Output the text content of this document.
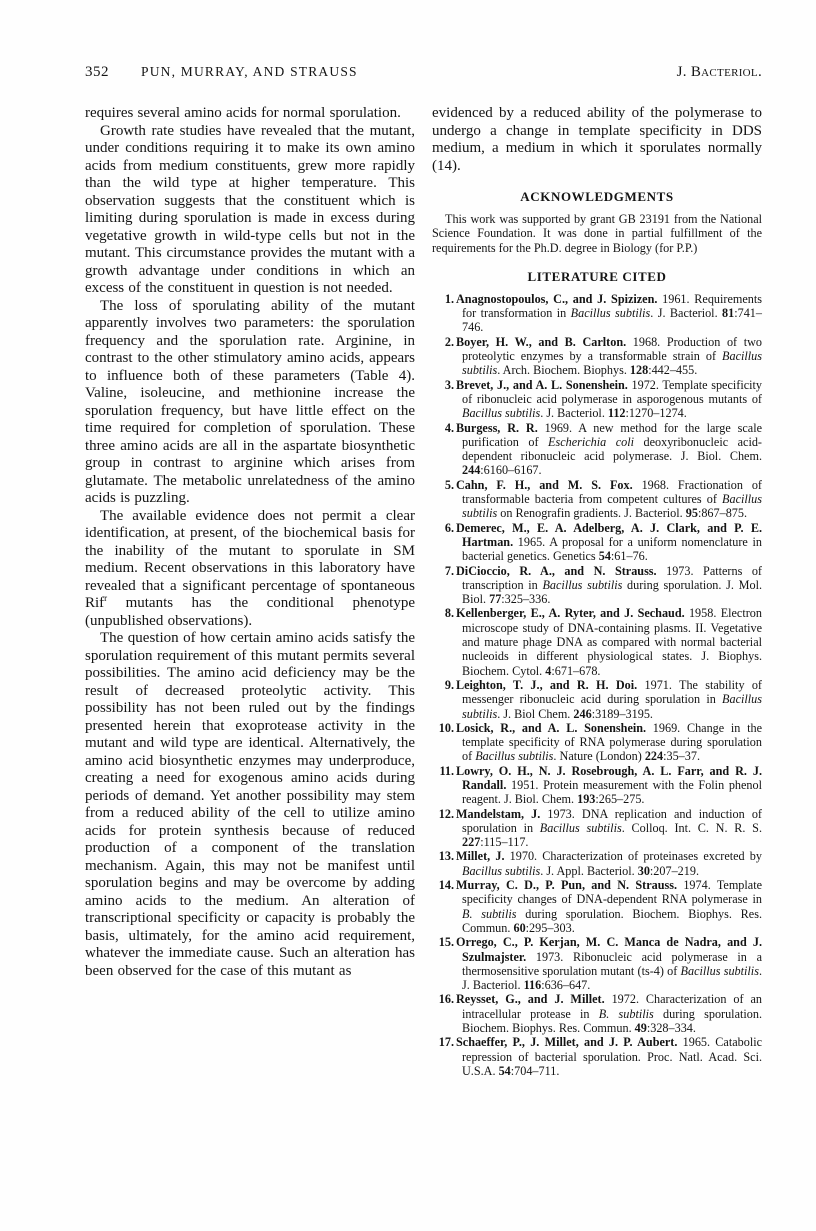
352 PUN, MURRAY, AND STRAUSS	J. Bacteriol.

requires several amino acids for normal sporulation.

Growth rate studies have revealed that the mutant, under conditions requiring it to make its own amino acids from medium constituents, grew more rapidly than the wild type at higher temperature. This observation suggests that the constituent which is limiting during sporulation is made in excess during vegetative growth in wild-type cells but not in the mutant. This circumstance provides the mutant with a growth advantage under conditions in which an excess of the constituent in question is not needed.

The loss of sporulating ability of the mutant apparently involves two parameters: the sporulation frequency and the sporulation rate. Arginine, in contrast to the other stimulatory amino acids, appears to influence both of these parameters (Table 4). Valine, isoleucine, and methionine increase the sporulation frequency, but have little effect on the time required for completion of sporulation. These three amino acids are all in the aspartate biosynthetic group in contrast to arginine which arises from glutamate. The metabolic unrelatedness of the amino acids is puzzling.

The available evidence does not permit a clear identification, at present, of the biochemical basis for the inability of the mutant to sporulate in SM medium. Recent observations in this laboratory have revealed that a significant percentage of spontaneous Rif$^r$ mutants has the conditional phenotype (unpublished observations).

The question of how certain amino acids satisfy the sporulation requirement of this mutant permits several possibilities. The amino acid deficiency may be the result of decreased proteolytic activity. This possibility has not been ruled out by the findings presented herein that exoprotease activity in the mutant and wild type are identical. Alternatively, the amino acid biosynthetic enzymes may underproduce, creating a need for exogenous amino acids during periods of demand. Yet another possibility may stem from a reduced ability of the cell to utilize amino acids for protein synthesis because of reduced production of a component of the translation mechanism. Again, this may not be manifest until sporulation begins and may be overcome by adding amino acids to the medium. An alteration of transcriptional specificity or capacity is probably the basis, ultimately, for the amino acid requirement, whatever the immediate cause. Such an alteration has been observed for the case of this mutant as

evidenced by a reduced ability of the polymerase to undergo a change in template specificity in DDS medium, a medium in which it sporulates normally (14).

ACKNOWLEDGMENTS

This work was supported by grant GB 23191 from the National Science Foundation. It was done in partial fulfillment of the requirements for the Ph.D. degree in Biology (for P.P.)

LITERATURE CITED
1. Anagnostopoulos, C., and J. Spizizen. 1961. Requirements for transformation in Bacillus subtilis. J. Bacteriol. 81:741–746.
2. Boyer, H. W., and B. Carlton. 1968. Production of two proteolytic enzymes by a transformable strain of Bacillus subtilis. Arch. Biochem. Biophys. 128:442–455.
3. Brevet, J., and A. L. Sonenshein. 1972. Template specificity of ribonucleic acid polymerase in asporogenous mutants of Bacillus subtilis. J. Bacteriol. 112:1270–1274.
4. Burgess, R. R. 1969. A new method for the large scale purification of Escherichia coli deoxyribonucleic acid-dependent ribonucleic acid polymerase. J. Biol. Chem. 244:6160–6167.
5. Cahn, F. H., and M. S. Fox. 1968. Fractionation of transformable bacteria from competent cultures of Bacillus subtilis on Renografin gradients. J. Bacteriol. 95:867–875.
6. Demerec, M., E. A. Adelberg, A. J. Clark, and P. E. Hartman. 1965. A proposal for a uniform nomenclature in bacterial genetics. Genetics 54:61–76.
7. DiCioccio, R. A., and N. Strauss. 1973. Patterns of transcription in Bacillus subtilis during sporulation. J. Mol. Biol. 77:325–336.
8. Kellenberger, E., A. Ryter, and J. Sechaud. 1958. Electron microscope study of DNA-containing plasms. II. Vegetative and mature phage DNA as compared with normal bacterial nucleoids in different physiological states. J. Biophys. Biochem. Cytol. 4:671–678.
9. Leighton, T. J., and R. H. Doi. 1971. The stability of messenger ribonucleic acid during sporulation in Bacillus subtilis. J. Biol Chem. 246:3189–3195.
10. Losick, R., and A. L. Sonenshein. 1969. Change in the template specificity of RNA polymerase during sporulation of Bacillus subtilis. Nature (London) 224:35–37.
11. Lowry, O. H., N. J. Rosebrough, A. L. Farr, and R. J. Randall. 1951. Protein measurement with the Folin phenol reagent. J. Biol. Chem. 193:265–275.
12. Mandelstam, J. 1973. DNA replication and induction of sporulation in Bacillus subtilis. Colloq. Int. C. N. R. S. 227:115–117.
13. Millet, J. 1970. Characterization of proteinases excreted by Bacillus subtilis. J. Appl. Bacteriol. 30:207–219.
14. Murray, C. D., P. Pun, and N. Strauss. 1974. Template specificity changes of DNA-dependent RNA polymerase in B. subtilis during sporulation. Biochem. Biophys. Res. Commun. 60:295–303.
15. Orrego, C., P. Kerjan, M. C. Manca de Nadra, and J. Szulmajster. 1973. Ribonucleic acid polymerase in a thermosensitive sporulation mutant (ts-4) of Bacillus subtilis. J. Bacteriol. 116:636–647.
16. Reysset, G., and J. Millet. 1972. Characterization of an intracellular protease in B. subtilis during sporulation. Biochem. Biophys. Res. Commun. 49:328–334.
17. Schaeffer, P., J. Millet, and J. P. Aubert. 1965. Catabolic repression of bacterial sporulation. Proc. Natl. Acad. Sci. U.S.A. 54:704–711.
